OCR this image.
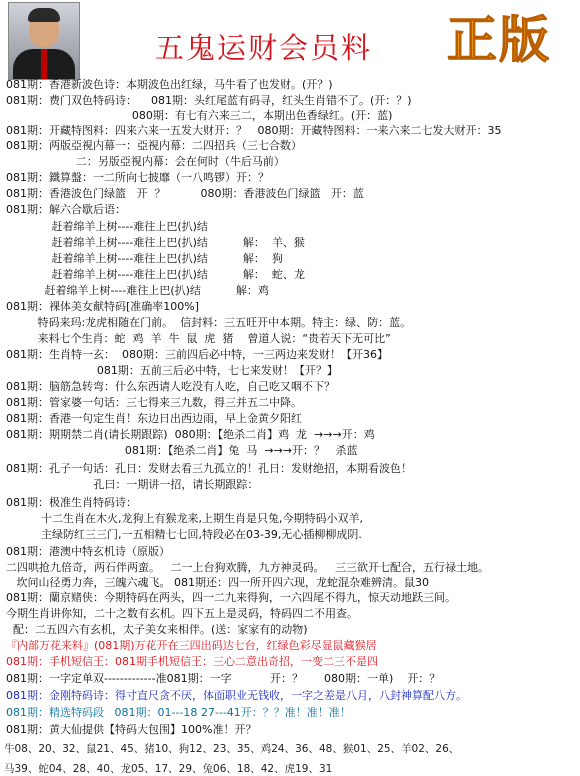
五鬼运财会员料 正版
081期：香港新波色诗：本期波色出红绿，马牛看了也发财。(开？)
081期：费门双色特码诗：    081期：头红尾蓝有码寻，红头生肖错不了。(开：？)
080期：有七有六来三二，本期出色香绿红。(开：蓝)
081期：开藏特图料：四来六来一五发大财开：？   080期：开藏特图料：一来六来二七发大财开：35
081期：两版亞視内幕一：亞視内幕：二四招兵（三七合数）
二：另版亞視内幕：会在何时（牛后马前）
081期：鐵算盤：一二所向七披靡（一八鸣锣）开：？
081期：香港波色门绿篮   开  ？          080期：香港波色门绿篮   开：蓝
081期：解六合歇后语：
赶着绵羊上树----难往上巴(扒)结
赶着绵羊上树----难往上巴(扒)结          解：  羊、猴
赶着绵羊上树----难往上巴(扒)结          解：  狗
赶着绵羊上树----难往上巴(扒)结          解：  蛇、龙
赶着绵羊上树----难往上巴(扒)结          解：鸡
081期：裸体美女献特码[准确率100%]
特码来玛:龙虎相随在门前。  信封料：三五旺开中本期。特主：绿、防：蓝。
来料七个生肖：蛇  鸡  羊  牛  鼠  虎  猪    曾道人说：“贵若天下无可比”
081期：生肖特一玄：  080期：三前四后必中特，一三两边来发财！【开36】
081期：五前三后必中特，七七来发财！【开？】
081期：脑筋急转弯：什么东西请人吃没有人吃，自己吃又咽不下？
081期：管家婆一句话：三七得来三九数，得三并五二中降。
081期：香港一句定生肖！东边日出西边雨，早上金黄夕阳红
081期：期期禁二肖(请长期跟踪)  080期：【绝杀二肖】鸡  龙  →→→开：鸡
081期：【绝杀二肖】兔  马  →→→开：？   杀蓝
081期：孔子一句话：孔日：发财去看三九孤立的！孔日：发财绝招，本期看波色！
孔曰：一期讲一招，请长期跟踪：
081期：极准生肖特码诗：
十二生肖在木火,龙狗上有猴龙来,上期生肖是只兔,今期特码小双羊,
主绿防红三三门,一五相精七七回,特段必在03-39,无心插柳柳成阴.
081期：港澳中特玄机诗（原版）
二四哄抢九倍奇，两石伴两蛮。   二一上台狗欢腾，九方神灵码。   三三欲开七配合，五行禄土地。
坎问山径勇力奔，三魄六魂飞。 081期还：四一所开四六现，龙蛇混杂难辨清。鼠30
081期：蘭京赌侠：今期特码在两头，四一二九来得狗，一六四尾不得九，惊天动地跃三间。
今期生肖讲你知，二十之数有玄机。四下五上是灵码，特码四二不用查。
配：二五四六有玄机，太子美女来相伴。(送：家家有的动物)
『内部万花来料』(081期)万花开在三四出码达七台，红绿色彩尽显鼠藏猴居
081期：手机短信王：081期手机短信王：三心二意出奇招，一变二三不是四
081期：一字定单双-------------准081期：一字           开：？      080期：一单)    开：？
081期：金刚特码诗：得寸直尺贪不厌，体面职业无钱收，一字之差是八月，八封神算配八方。
081期：精选特码段   081期：01---18 27---41开：？？准！准！准！
081期：黄大仙提供【特码大包围】100%准！开？
牛08、20、32、鼠21、45、猪10、狗12、23、35、鸡24、36、48、猴01、25、羊02、26、
马39、蛇04、28、40、龙05、17、29、兔06、18、42、虎19、31
